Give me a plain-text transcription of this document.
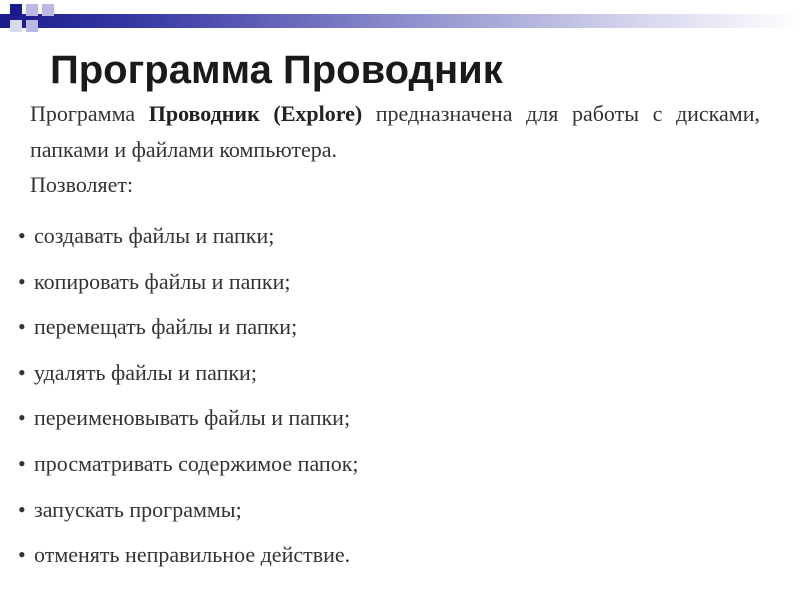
Программа Проводник
Программа Проводник (Explore) предназначена для работы с дисками, папками и файлами компьютера.
Позволяет:
• создавать файлы и папки;
• копировать файлы и папки;
• перемещать файлы и папки;
• удалять файлы и папки;
• переименовывать файлы и папки;
• просматривать содержимое папок;
• запускать программы;
• отменять неправильное действие.
